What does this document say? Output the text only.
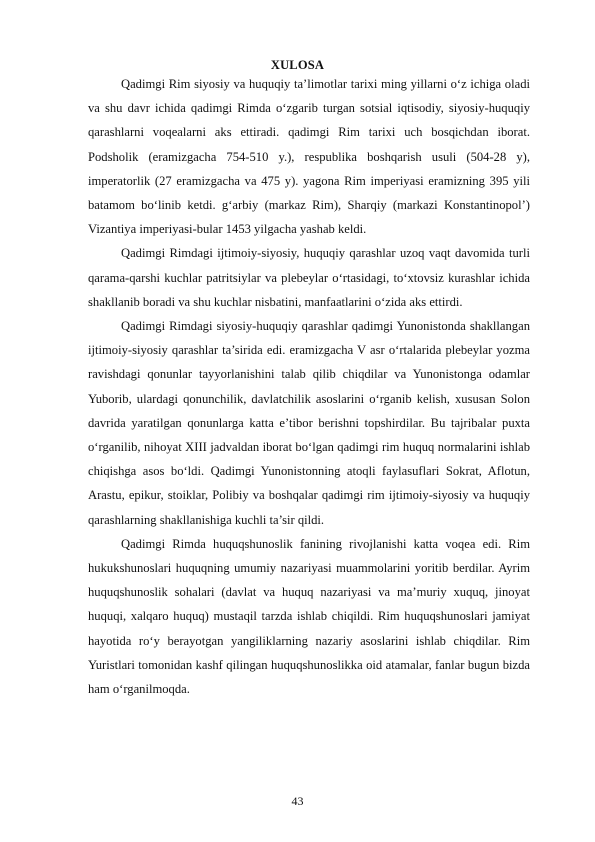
XULOSA

Qadimgi Rim siyosiy va huquqiy ta’limotlar tarixi ming yillarni o‘z ichiga oladi va shu davr ichida qadimgi Rimda o‘zgarib turgan sotsial iqtisodiy, siyosiy-huquqiy qarashlarni voqealarni aks ettiradi. qadimgi Rim tarixi uch bosqichdan iborat. Podsholik (eramizgacha 754-510 y.), respublika boshqarish usuli (504-28 y), imperatorlik (27 eramizgacha va 475 y). yagona Rim imperiyasi eramizning 395 yili batamom bo‘linib ketdi. g‘arbiy (markaz Rim), Sharqiy (markazi Konstantinopol’) Vizantiya imperiyasi-bular 1453 yilgacha yashab keldi.

Qadimgi Rimdagi ijtimoiy-siyosiy, huquqiy qarashlar uzoq vaqt davomida turli qarama-qarshi kuchlar patritsiylar va plebeylar o‘rtasidagi, to‘xtovsiz kurashlar ichida shakllanib boradi va shu kuchlar nisbatini, manfaatlarini o‘zida aks ettirdi.

Qadimgi Rimdagi siyosiy-huquqiy qarashlar qadimgi Yunonistonda shakllangan ijtimoiy-siyosiy qarashlar ta’sirida edi. eramizgacha V asr o‘rtalarida plebeylar yozma ravishdagi qonunlar tayyorlanishini talab qilib chiqdilar va Yunonistonga odamlar Yuborib, ulardagi qonunchilik, davlatchilik asoslarini o‘rganib kelish, xususan Solon davrida yaratilgan qonunlarga katta e’tibor berishni topshirdilar. Bu tajribalar puxta o‘rganilib, nihoyat XIII jadvaldan iborat bo‘lgan qadimgi rim huquq normalarini ishlab chiqishga asos bo‘ldi. Qadimgi Yunonistonning atoqli faylasuflari Sokrat, Aflotun, Arastu, epikur, stoiklar, Polibiy va boshqalar qadimgi rim ijtimoiy-siyosiy va huquqiy qarashlarning shakllanishiga kuchli ta’sir qildi.

Qadimgi Rimda huquqshunoslik fanining rivojlanishi katta voqea edi. Rim hukukshunoslari huquqning umumiy nazariyasi muammolarini yoritib berdilar. Ayrim huquqshunoslik sohalari (davlat va huquq nazariyasi va ma’muriy xuquq, jinoyat huquqi, xalqaro huquq) mustaqil tarzda ishlab chiqildi. Rim huquqshunoslari jamiyat hayotida ro‘y berayotgan yangiliklarning nazariy asoslarini ishlab chiqdilar. Rim Yuristlari tomonidan kashf qilingan huquqshunoslikka oid atamalar, fanlar bugun bizda ham o‘rganilmoqda.

43
